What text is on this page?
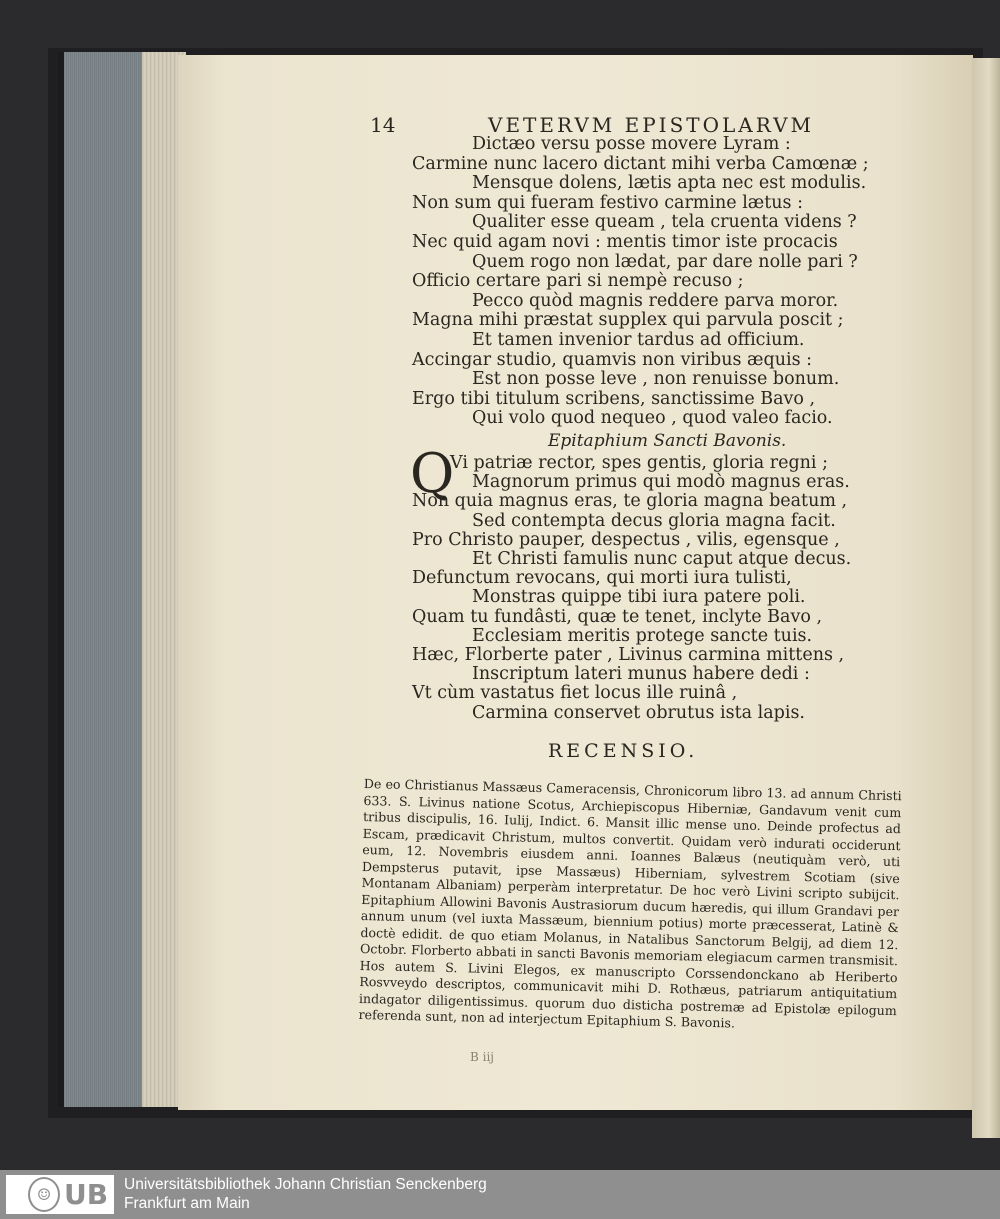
14	VETERVM EPISTOLARVM
Dictæo versu posse movere Lyram :
Carmine nunc lacero dictant mihi verba Camœnæ ;
Mensque dolens, lætis apta nec est modulis.
Non sum qui fueram festivo carmine lætus :
Qualiter esse queam , tela cruenta videns ?
Nec quid agam novi : mentis timor iste procacis
Quem rogo non lædat, par dare nolle pari ?
Officio certare pari si nempè recuso ;
Pecco quòd magnis reddere parva moror.
Magna mihi præstat supplex qui parvula poscit ;
Et tamen invenior tardus ad officium.
Accingar studio, quamvis non viribus æquis :
Est non posse leve , non renuisse bonum.
Ergo tibi titulum scribens, sanctissime Bavo ,
Qui volo quod nequeo , quod valeo facio.
Epitaphium Sancti Bavonis.
Q
Vi patriæ rector, spes gentis, gloria regni ;
Magnorum primus qui modò magnus eras.
Non quia magnus eras, te gloria magna beatum ,
Sed contempta decus gloria magna facit.
Pro Christo pauper, despectus , vilis, egensque ,
Et Christi famulis nunc caput atque decus.
Defunctum revocans, qui morti iura tulisti,
Monstras quippe tibi iura patere poli.
Quam tu fundâsti, quæ te tenet, inclyte Bavo ,
Ecclesiam meritis protege sancte tuis.
Hæc, Florberte pater , Livinus carmina mittens ,
Inscriptum lateri munus habere dedi :
Vt cùm vastatus fiet locus ille ruinâ ,
Carmina conservet obrutus ista lapis.
RECENSIO.
De eo Christianus Massæus Cameracensis, Chronicorum libro 13. ad annum Christi 633. S. Livinus natione Scotus, Archiepiscopus Hiberniæ, Gandavum venit cum tribus discipulis, 16. Iulij, Indict. 6. Mansit illic mense uno. Deinde profectus ad Escam, prædicavit Christum, multos convertit. Quidam verò indurati occiderunt eum, 12. Novembris eiusdem anni. Ioannes Balæus (neutiquàm verò, uti Dempsterus putavit, ipse Massæus) Hiberniam, sylvestrem Scotiam (sive Montanam Albaniam) perperàm interpretatur. De hoc verò Livini scripto subijcit. Epitaphium Allowini Bavonis Austrasiorum ducum hæredis, qui illum Grandavi per annum unum (vel iuxta Massæum, biennium potius) morte præcesserat, Latinè & doctè edidit. de quo etiam Molanus, in Natalibus Sanctorum Belgij, ad diem 12. Octobr. Florberto abbati in sancti Bavonis memoriam elegiacum carmen transmisit. Hos autem S. Livini Elegos, ex manuscripto Corssendonckano ab Heriberto Rosvveydo descriptos, communicavit mihi D. Rothæus, patriarum antiquitatium indagator diligentissimus. quorum duo disticha postremæ ad Epistolæ epilogum referenda sunt, non ad interjectum Epitaphium S. Bavonis.
B iij
☺ UB Universitätsbibliothek Johann Christian Senckenberg
Frankfurt am Main
